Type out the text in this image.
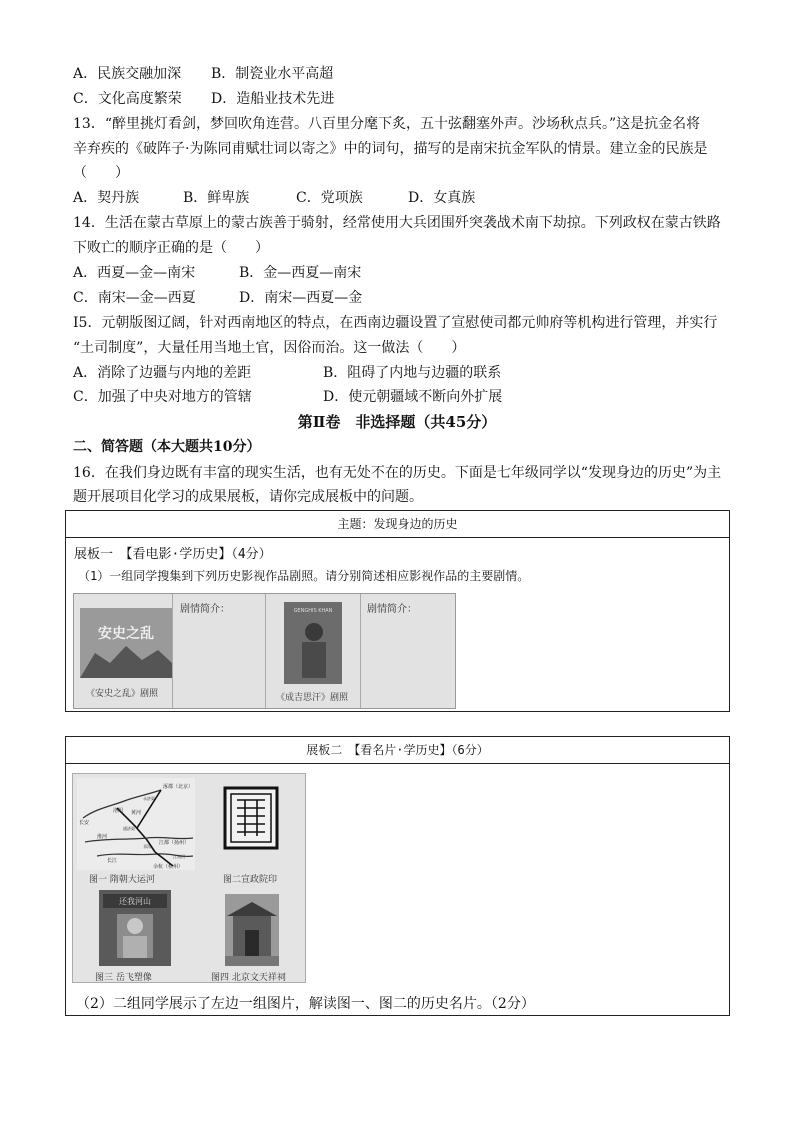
A．民族交融加深 B．制瓷业水平高超
C．文化高度繁荣 D．造船业技术先进
13．“醉里挑灯看剑，梦回吹角连营。八百里分麾下炙，五十弦翻塞外声。沙场秋点兵。”这是抗金名将
辛弃疾的《破阵子·为陈同甫赋壮词以寄之》中的词句，描写的是南宋抗金军队的情景。建立金的民族是
（　　）
A．契丹族	B．鲜卑族	C．党项族	D．女真族
14．生活在蒙古草原上的蒙古族善于骑射，经常使用大兵团围歼突袭战术南下劫掠。下列政权在蒙古铁路
下败亡的顺序正确的是（　　）
A．西夏—金—南宋	B．金—西夏—南宋
C．南宋—金—西夏	D．南宋—西夏—金
I5．元朝版图辽阔，针对西南地区的特点，在西南边疆设置了宣慰使司都元帅府等机构进行管理，并实行
“土司制度”，大量任用当地土官，因俗而治。这一做法（　　）
A．消除了边疆与内地的差距	B．阻碍了内地与边疆的联系
C．加强了中央对地方的管辖	D．使元朝疆域不断向外扩展
第Ⅱ卷　非选择题（共45分）
二、简答题（本大题共10分）
16．在我们身边既有丰富的现实生活，也有无处不在的历史。下面是七年级同学以“发现身边的历史”为主
题开展项目化学习的成果展板，请你完成展板中的问题。
主题：发现身边的历史
展板一　【看电影·学历史】（4分）
（1）一组同学搜集到下列历史影视作品剧照。请分别简述相应影视作品的主要剧情。
安史之乱
《安史之乱》剧照
剧情简介：	GENGHIS KHAN
《成吉思汗》剧照
剧情简介：
展板二　【看名片·学历史】（6分）
涿郡（北京）
洛阳
长安
淮河
黄河
江都（扬州）
长江
余杭（杭州）
永济渠
通济渠
邗沟
江南河
图一 隋朝大运河	图二宣政院印
还我河山
图三 岳飞塑像	图四 北京文天祥祠
（2）二组同学展示了左边一组图片，解读图一、图二的历史名片。（2分）
